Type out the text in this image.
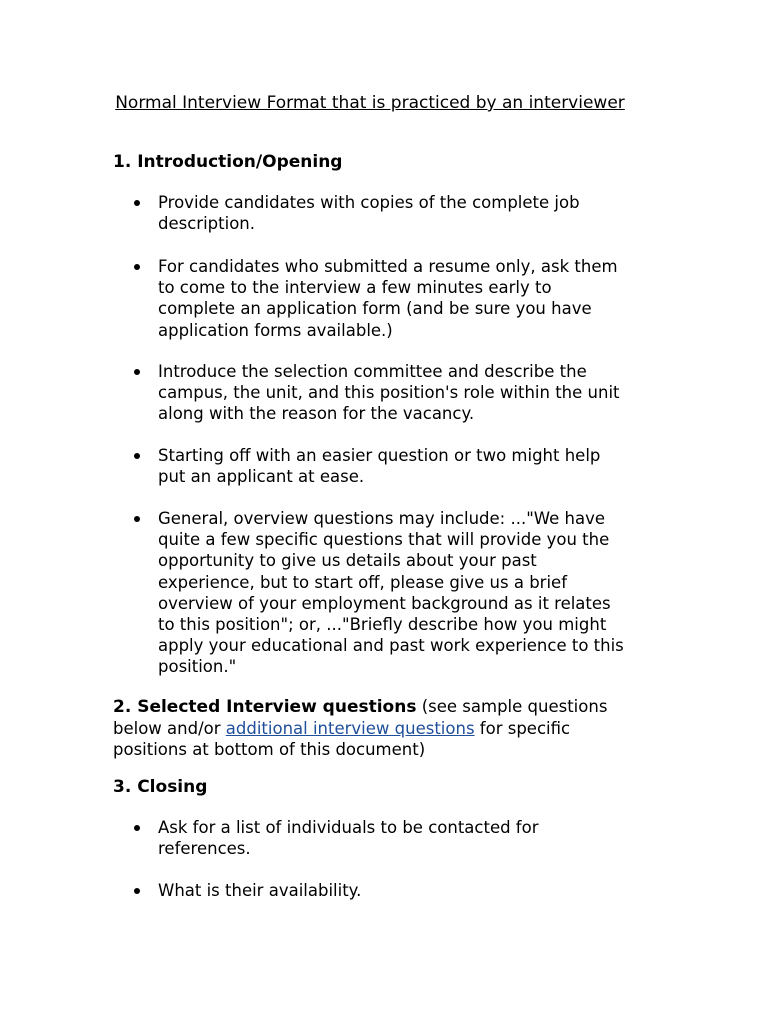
Normal Interview Format that is practiced by an interviewer
1. Introduction/Opening

Provide candidates with copies of the complete job description.

For candidates who submitted a resume only, ask them to come to the interview a few minutes early to complete an application form (and be sure you have application forms available.)

Introduce the selection committee and describe the campus, the unit, and this position's role within the unit along with the reason for the vacancy.

Starting off with an easier question or two might help put an applicant at ease.

General, overview questions may include: ..."We have quite a few specific questions that will provide you the opportunity to give us details about your past experience, but to start off, please give us a brief overview of your employment background as it relates to this position"; or, ..."Briefly describe how you might apply your educational and past work experience to this position."

2. Selected Interview questions (see sample questions below and/or additional interview questions for specific positions at bottom of this document)

3. Closing

Ask for a list of individuals to be contacted for references.

What is their availability.
